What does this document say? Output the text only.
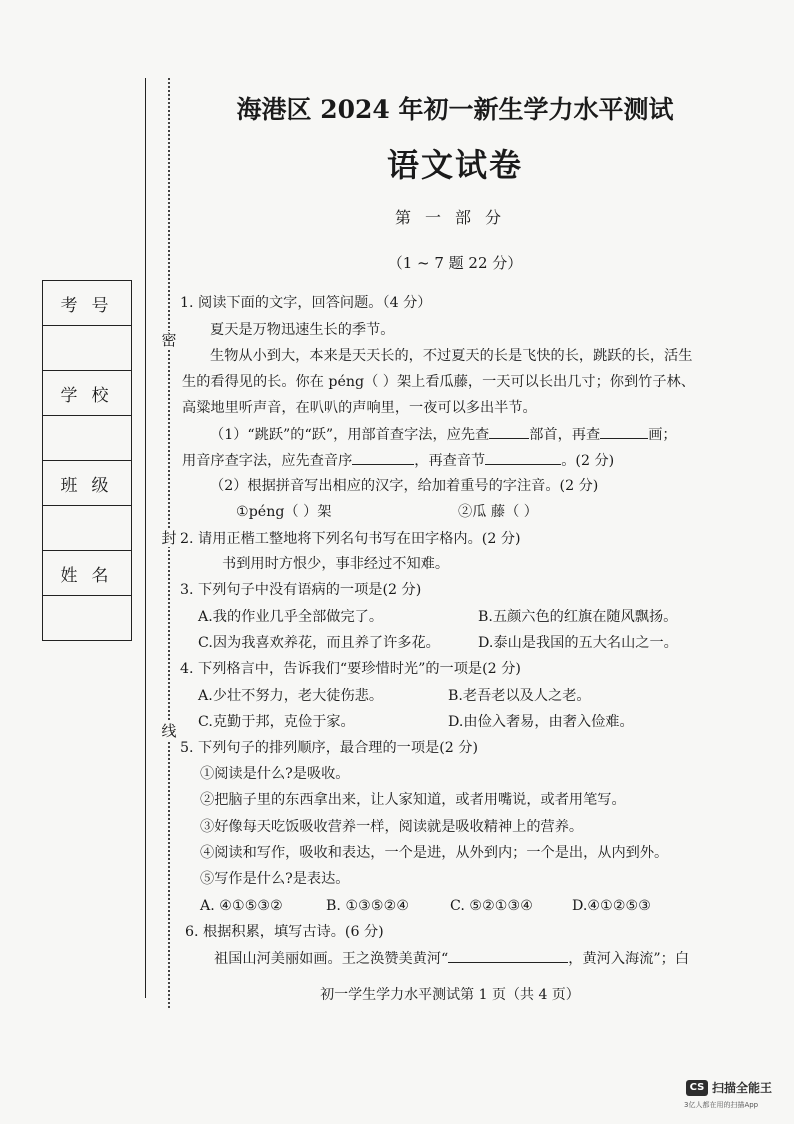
密
封
线
考号

学校

班级

姓名

海港区 2024 年初一新生学力水平测试
语文试卷
第一部分
（1 ~ 7 题 22 分）
1. 阅读下面的文字，回答问题。（4 分）
夏天是万物迅速生长的季节。
生物从小到大，本来是天天长的，不过夏天的长是飞快的长，跳跃的长，活生
生的看得见的长。你在 péng（ ）架上看瓜藤，一天可以长出几寸；你到竹子林、
高粱地里听声音，在叭叭的声响里，一夜可以多出半节。
（1）“跳跃”的“跃”，用部首查字法，应先查	部首，再查	画；
用音序查字法，应先查音序	，再查音节	。(2 分)
（2）根据拼音写出相应的汉字，给加着重号的字注音。(2 分)
①péng（ ）架	②瓜 藤（ ）
2. 请用正楷工整地将下列名句书写在田字格内。(2 分)
书到用时方恨少，事非经过不知难。
3. 下列句子中没有语病的一项是(2 分)
A.我的作业几乎全部做完了。	B.五颜六色的红旗在随风飘扬。
C.因为我喜欢养花，而且养了许多花。	D.泰山是我国的五大名山之一。
4. 下列格言中，告诉我们“要珍惜时光”的一项是(2 分)
A.少壮不努力，老大徒伤悲。	B.老吾老以及人之老。
C.克勤于邦，克俭于家。	D.由俭入奢易，由奢入俭难。
5. 下列句子的排列顺序，最合理的一项是(2 分)
①阅读是什么?是吸收。
②把脑子里的东西拿出来，让人家知道，或者用嘴说，或者用笔写。
③好像每天吃饭吸收营养一样，阅读就是吸收精神上的营养。
④阅读和写作，吸收和表达，一个是进，从外到内；一个是出，从内到外。
⑤写作是什么?是表达。
A. ④①⑤③②	B. ①③⑤②④	C. ⑤②①③④	D.④①②⑤③
6. 根据积累，填写古诗。(6 分)
祖国山河美丽如画。王之涣赞美黄河“	，黄河入海流”；白
初一学生学力水平测试第 1 页（共 4 页）
CS 扫描全能王
3亿人都在用的扫描App
